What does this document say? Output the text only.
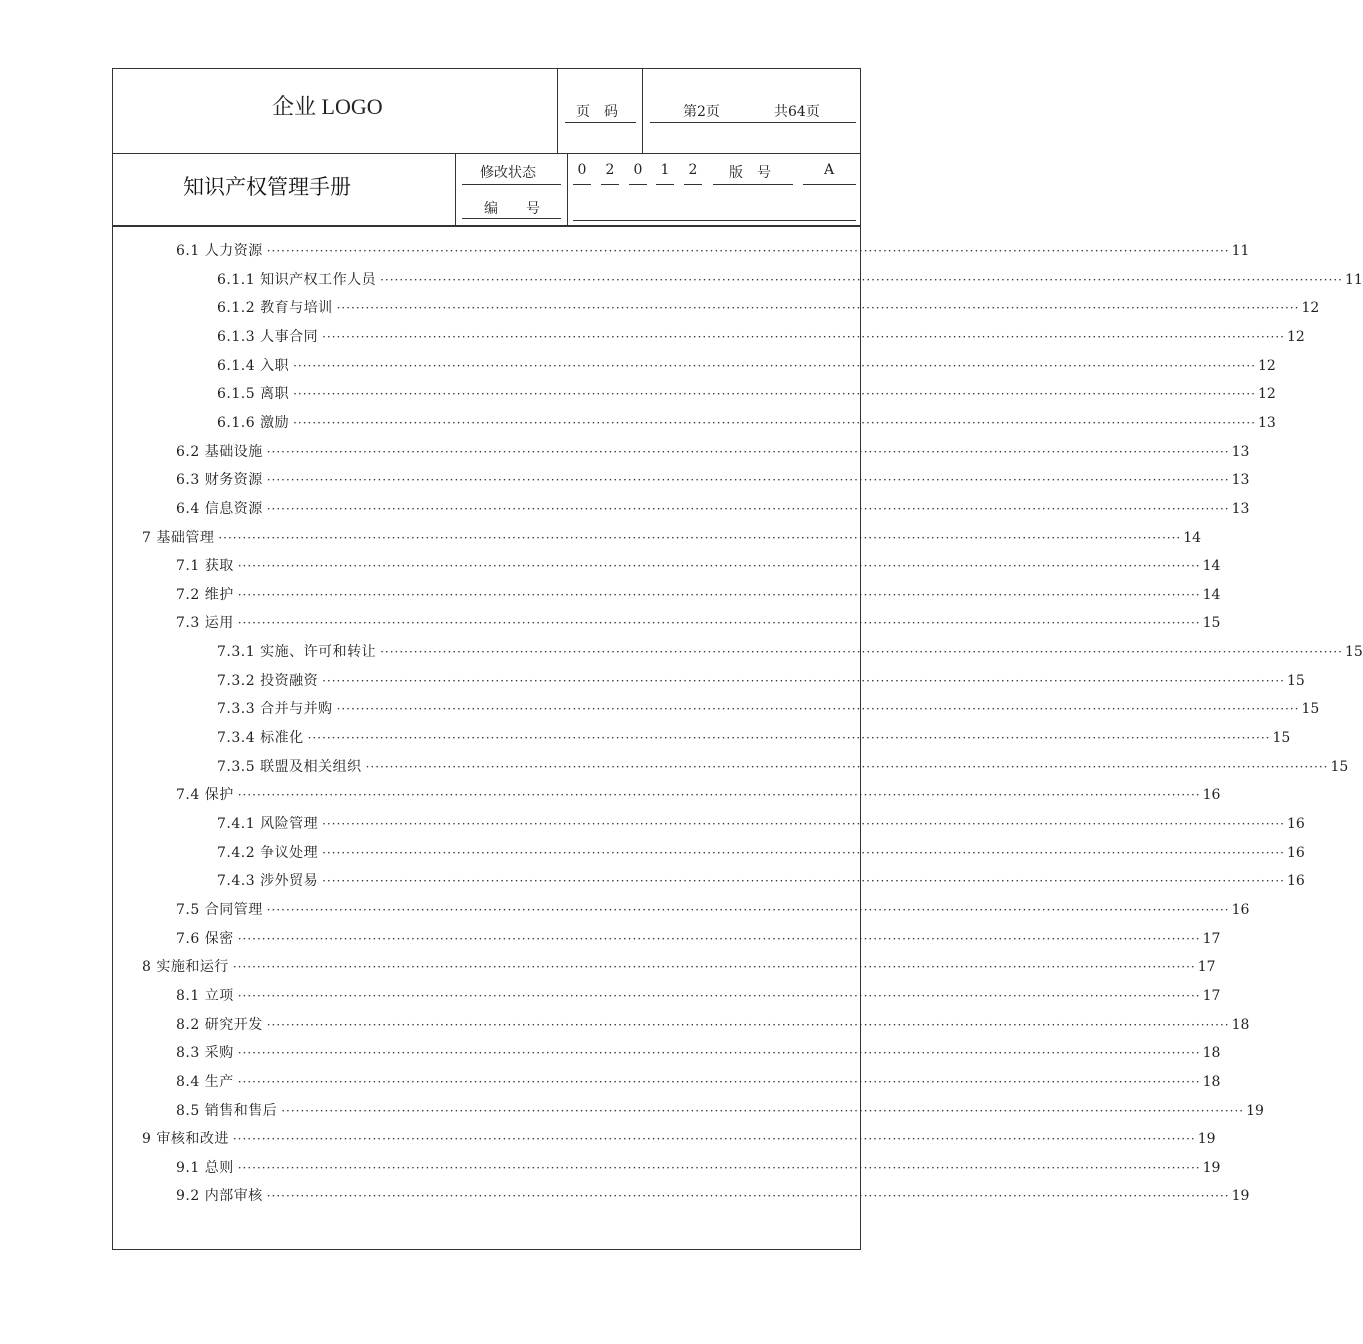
企业 LOGO	页　码	第2页	共64页
知识产权管理手册
修改状态	0	2	0	1	2	版　号	A
编　　号
6.1 人力资源 ········································································································································································································ 11
6.1.1 知识产权工作人员 ········································································································································································································ 11
6.1.2 教育与培训 ········································································································································································································ 12
6.1.3 人事合同 ········································································································································································································ 12
6.1.4 入职 ········································································································································································································ 12
6.1.5 离职 ········································································································································································································ 12
6.1.6 激励 ········································································································································································································ 13
6.2 基础设施 ········································································································································································································ 13
6.3 财务资源 ········································································································································································································ 13
6.4 信息资源 ········································································································································································································ 13
7 基础管理 ········································································································································································································ 14
7.1 获取 ········································································································································································································ 14
7.2 维护 ········································································································································································································ 14
7.3 运用 ········································································································································································································ 15
7.3.1 实施、许可和转让 ········································································································································································································ 15
7.3.2 投资融资 ········································································································································································································ 15
7.3.3 合并与并购 ········································································································································································································ 15
7.3.4 标准化 ········································································································································································································ 15
7.3.5 联盟及相关组织 ········································································································································································································ 15
7.4 保护 ········································································································································································································ 16
7.4.1 风险管理 ········································································································································································································ 16
7.4.2 争议处理 ········································································································································································································ 16
7.4.3 涉外贸易 ········································································································································································································ 16
7.5 合同管理 ········································································································································································································ 16
7.6 保密 ········································································································································································································ 17
8 实施和运行 ········································································································································································································ 17
8.1 立项 ········································································································································································································ 17
8.2 研究开发 ········································································································································································································ 18
8.3 采购 ········································································································································································································ 18
8.4 生产 ········································································································································································································ 18
8.5 销售和售后 ········································································································································································································ 19
9 审核和改进 ········································································································································································································ 19
9.1 总则 ········································································································································································································ 19
9.2 内部审核 ········································································································································································································ 19
